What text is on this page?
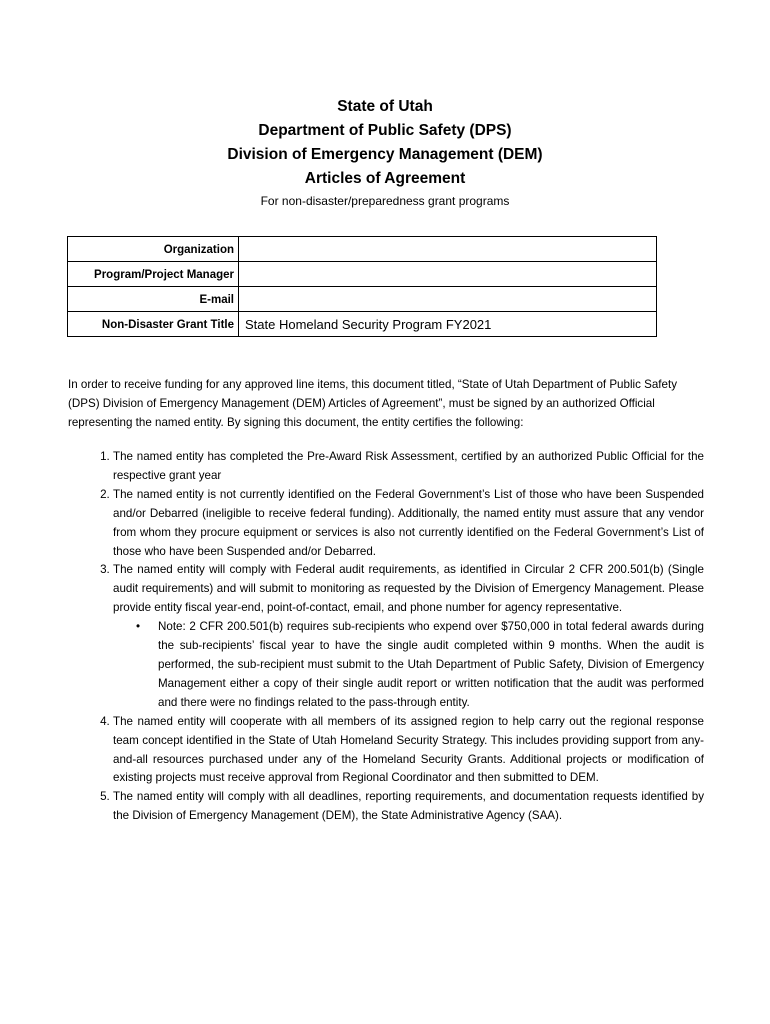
State of Utah
Department of Public Safety (DPS)
Division of Emergency Management (DEM)
Articles of Agreement
For non-disaster/preparedness grant programs
Organization	
Program/Project Manager	
E-mail	
Non-Disaster Grant Title	State Homeland Security Program FY2021

In order to receive funding for any approved line items, this document titled, “State of Utah Department of Public Safety (DPS) Division of Emergency Management (DEM) Articles of Agreement”, must be signed by an authorized Official representing the named entity. By signing this document, the entity certifies the following:

1. The named entity has completed the Pre-Award Risk Assessment, certified by an authorized Public Official for the respective grant year
2. The named entity is not currently identified on the Federal Government’s List of those who have been Suspended and/or Debarred (ineligible to receive federal funding). Additionally, the named entity must assure that any vendor from whom they procure equipment or services is also not currently identified on the Federal Government’s List of those who have been Suspended and/or Debarred.
3. The named entity will comply with Federal audit requirements, as identified in Circular 2 CFR 200.501(b) (Single audit requirements) and will submit to monitoring as requested by the Division of Emergency Management. Please provide entity fiscal year-end, point-of-contact, email, and phone number for agency representative.
• Note: 2 CFR 200.501(b) requires sub-recipients who expend over $750,000 in total federal awards during the sub-recipients’ fiscal year to have the single audit completed within 9 months. When the audit is performed, the sub-recipient must submit to the Utah Department of Public Safety, Division of Emergency Management either a copy of their single audit report or written notification that the audit was performed and there were no findings related to the pass-through entity.
4. The named entity will cooperate with all members of its assigned region to help carry out the regional response team concept identified in the State of Utah Homeland Security Strategy. This includes providing support from any-and-all resources purchased under any of the Homeland Security Grants. Additional projects or modification of existing projects must receive approval from Regional Coordinator and then submitted to DEM.
5. The named entity will comply with all deadlines, reporting requirements, and documentation requests identified by the Division of Emergency Management (DEM), the State Administrative Agency (SAA).
